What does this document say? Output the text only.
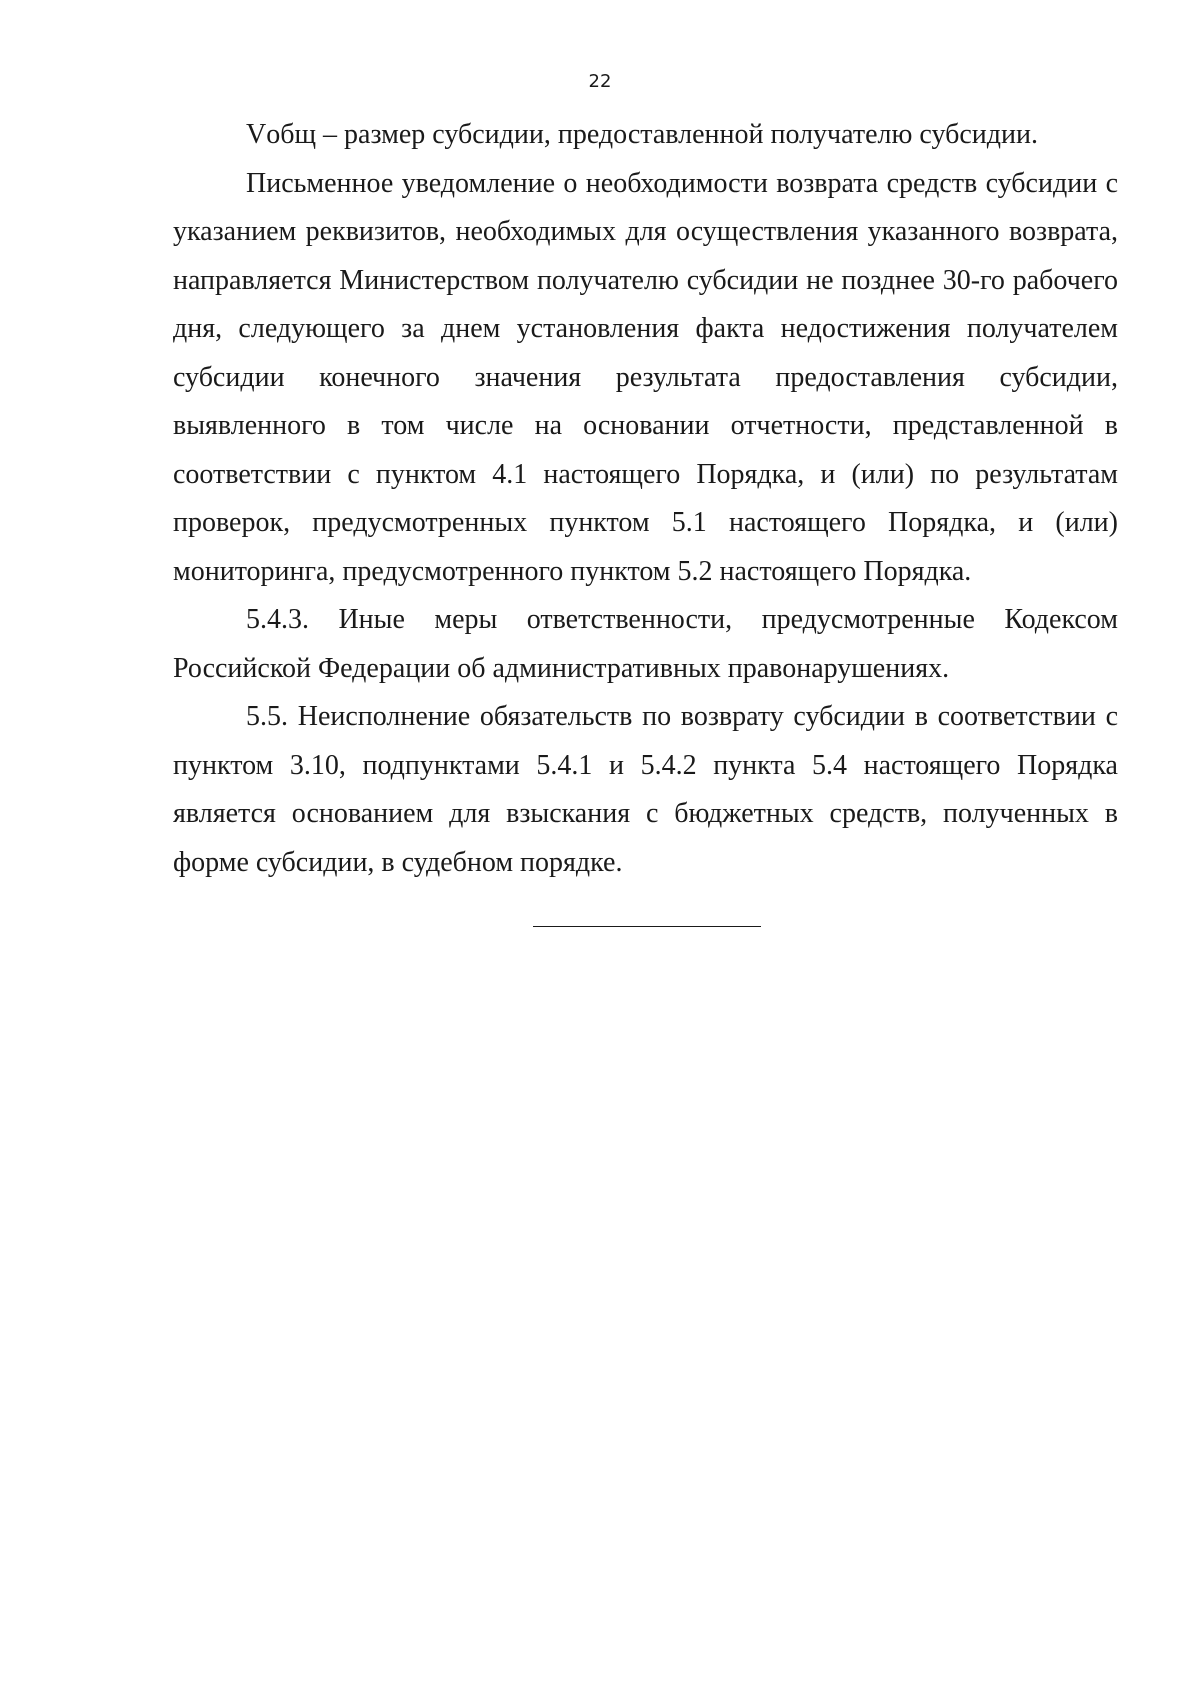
22

Vобщ – размер субсидии, предоставленной получателю субсидии.

Письменное уведомление о необходимости возврата средств субсидии с указанием реквизитов, необходимых для осуществления указанного возврата, направляется Министерством получателю субсидии не позднее 30-го рабочего дня, следующего за днем установления факта недостижения получателем субсидии конечного значения результата предоставления субсидии, выявленного в том числе на основании отчетности, представленной в соответствии с пунктом 4.1 настоящего Порядка, и (или) по результатам проверок, предусмотренных пунктом 5.1 настоящего Порядка, и (или) мониторинга, предусмотренного пунктом 5.2 настоящего Порядка.

5.4.3. Иные меры ответственности, предусмотренные Кодексом Российской Федерации об административных правонарушениях.

5.5. Неисполнение обязательств по возврату субсидии в соответствии с пунктом 3.10, подпунктами 5.4.1 и 5.4.2 пункта 5.4 настоящего Порядка является основанием для взыскания с бюджетных средств, полученных в форме субсидии, в судебном порядке.
